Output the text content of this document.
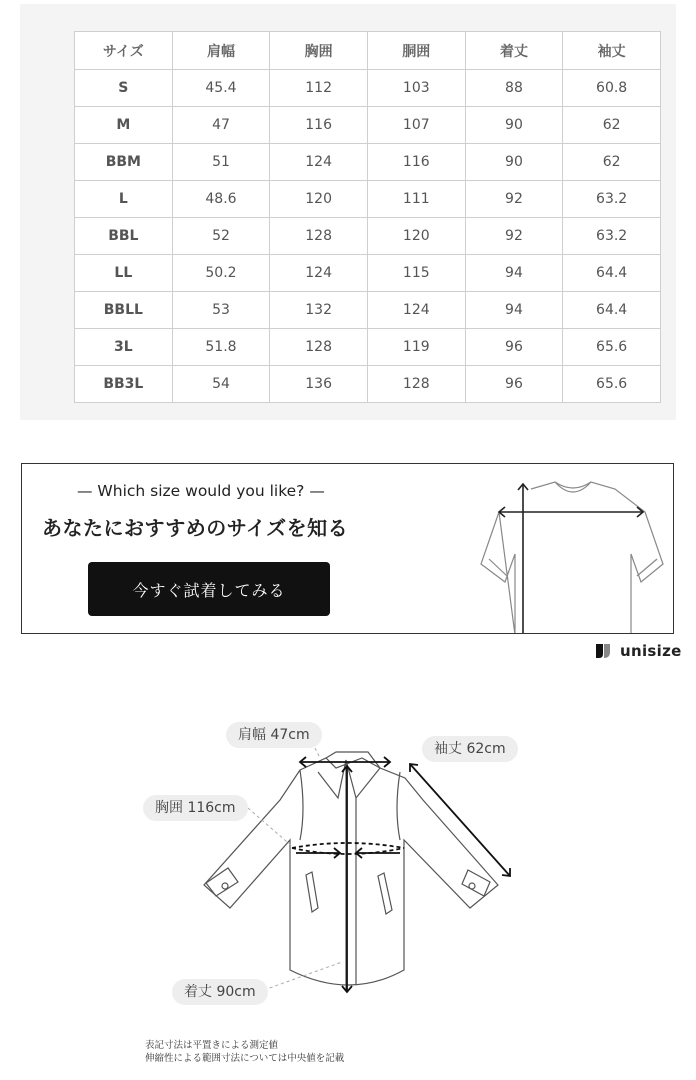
サイズ	肩幅	胸囲	胴囲	着丈	袖丈
S	45.4	112	103	88	60.8
M	47	116	107	90	62
BBM	51	124	116	90	62
L	48.6	120	111	92	63.2
BBL	52	128	120	92	63.2
LL	50.2	124	115	94	64.4
BBLL	53	132	124	94	64.4
3L	51.8	128	119	96	65.6
BB3L	54	136	128	96	65.6
— Which size would you like? —
あなたにおすすめのサイズを知る
今すぐ試着してみる
unisize
肩幅 47cm
袖丈 62cm
胸囲 116cm
着丈 90cm
表記寸法は平置きによる測定値
伸縮性による範囲寸法については中央値を記載
